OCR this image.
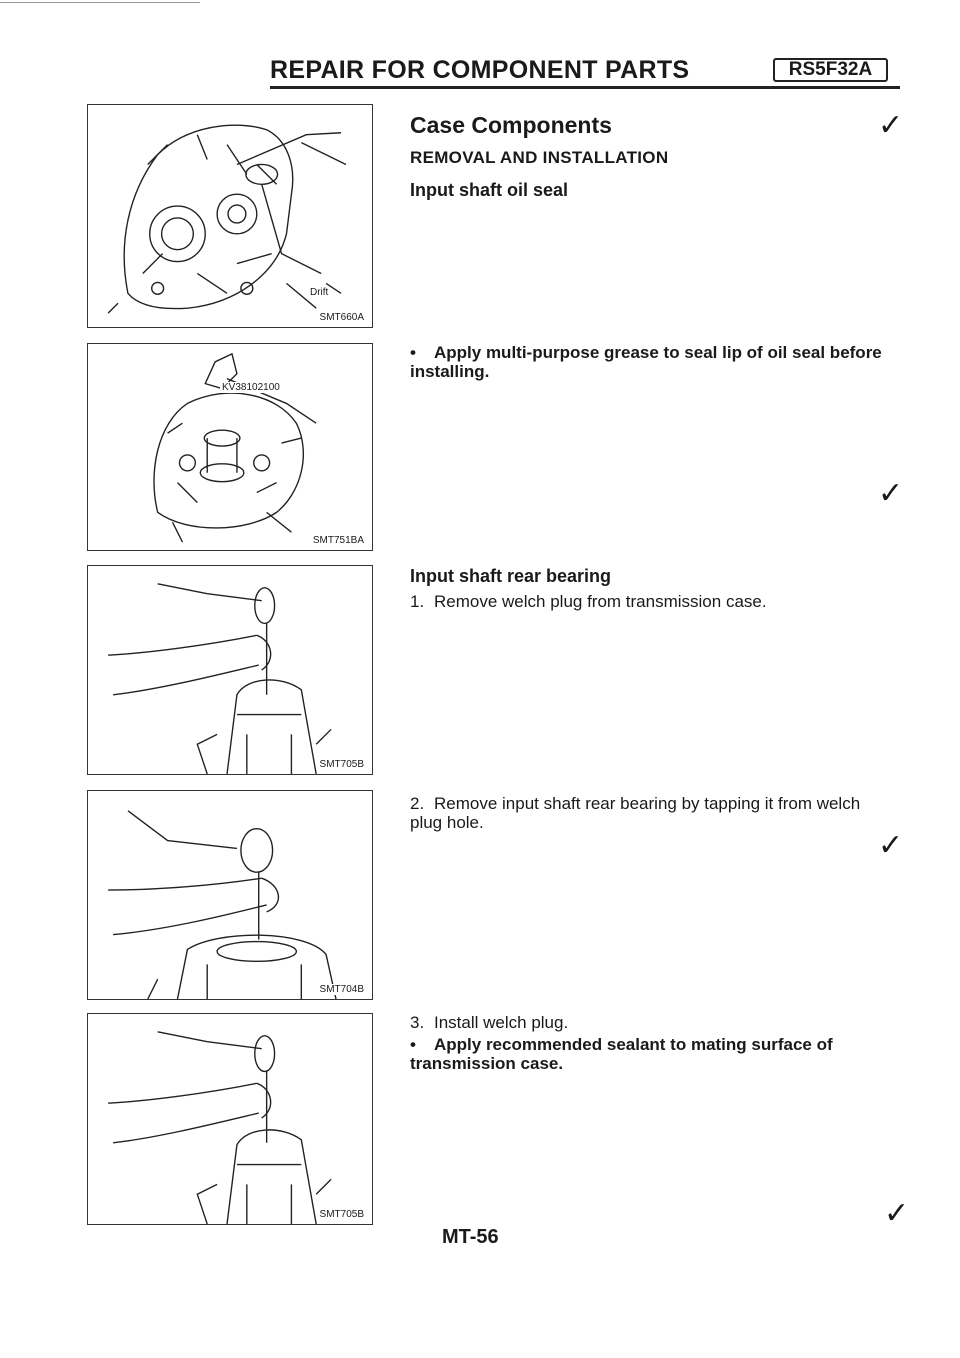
REPAIR FOR COMPONENT PARTS	RS5F32A
Drift
SMT660A
KV38102100
SMT751BA
SMT705B
SMT704B
SMT705B
Case Components
REMOVAL AND INSTALLATION
Input shaft oil seal
• Apply multi-purpose grease to seal lip of oil seal before installing.
Input shaft rear bearing
1. Remove welch plug from transmission case.
2. Remove input shaft rear bearing by tapping it from welch plug hole.
3. Install welch plug.
• Apply recommended sealant to mating surface of transmission case.
✓
✓
✓
✓
MT-56
